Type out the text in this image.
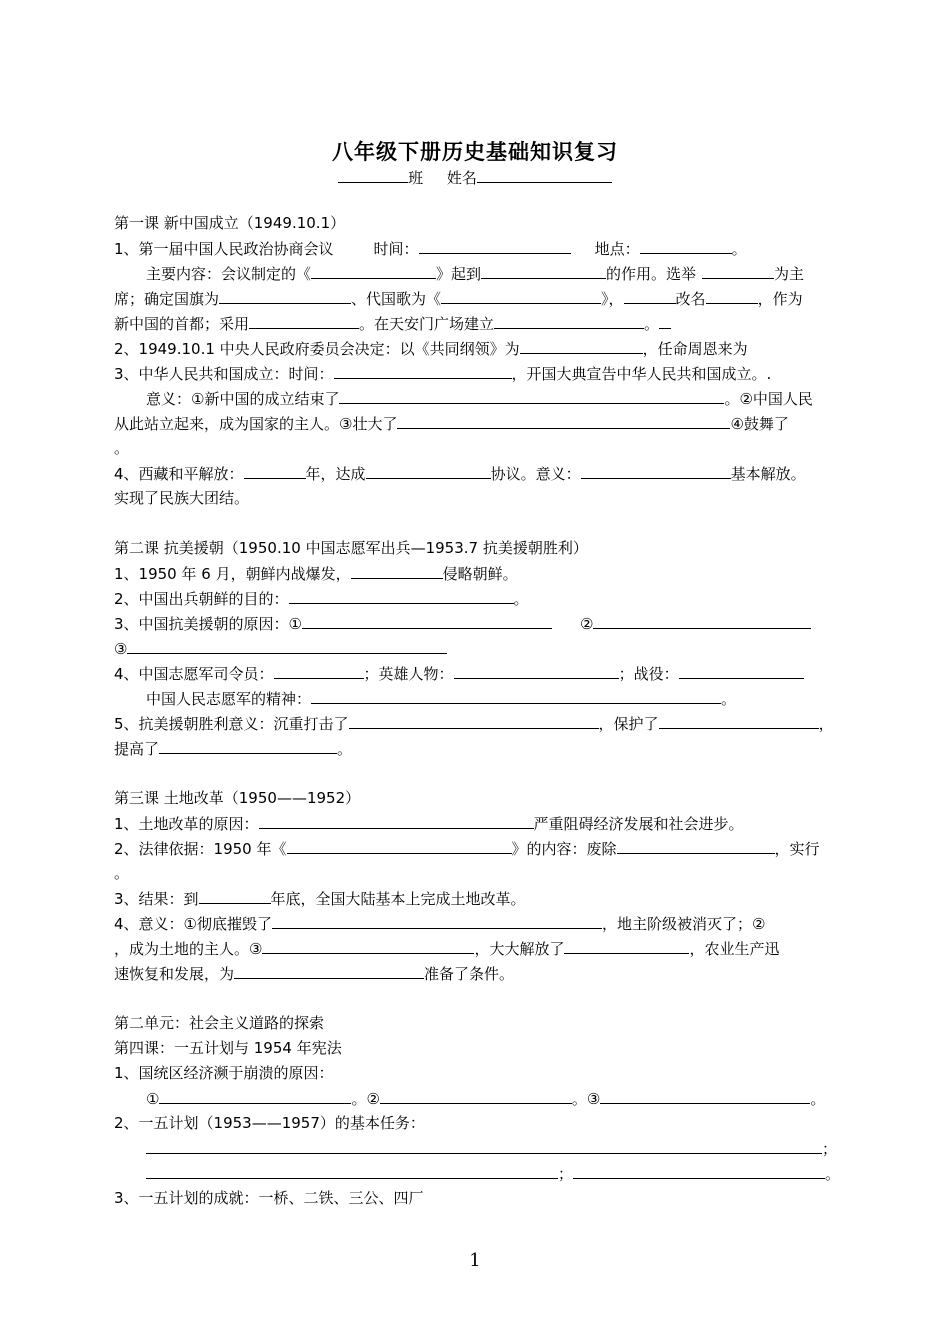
八年级下册历史基础知识复习
班 姓名
第一课 新中国成立（1949.10.1）
1、第一届中国人民政治协商会议	时间：	地点：	。
主要内容：会议制定的《	》起到	的作用。选举	为主
席；确定国旗为	、代国歌为《	》，	改名	，作为
新中国的首都；采用	。在天安门广场建立	。
2、1949.10.1 中央人民政府委员会决定：以《共同纲领》为	，任命周恩来为
3、中华人民共和国成立：时间：	，开国大典宣告中华人民共和国成立。.
意义：①新中国的成立结束了	。②中国人民
从此站立起来，成为国家的主人。③壮大了	④鼓舞了
。
4、西藏和平解放：	年，达成	协议。意义：	基本解放。
实现了民族大团结。
第二课 抗美援朝（1950.10 中国志愿军出兵—1953.7 抗美援朝胜利）
1、1950 年 6 月，朝鲜内战爆发，	侵略朝鲜。
2、中国出兵朝鲜的目的：	。
3、中国抗美援朝的原因：①	②
③
4、中国志愿军司令员：	；英雄人物：	；战役：
中国人民志愿军的精神：	。
5、抗美援朝胜利意义：沉重打击了	，保护了	，
提高了	。
第三课 土地改革（1950——1952）
1、土地改革的原因：	严重阻碍经济发展和社会进步。
2、法律依据：1950 年《	》的内容：废除	，实行
。
3、结果：到	年底，全国大陆基本上完成土地改革。
4、意义：①彻底摧毁了	，地主阶级被消灭了；②
，成为土地的主人。③	，大大解放了	，农业生产迅
速恢复和发展，为	准备了条件。
第二单元：社会主义道路的探索
第四课：一五计划与 1954 年宪法
1、国统区经济濒于崩溃的原因：
①	。②	。③	。
2、一五计划（1953——1957）的基本任务：
；
；	。
3、一五计划的成就：一桥、二铁、三公、四厂
1
